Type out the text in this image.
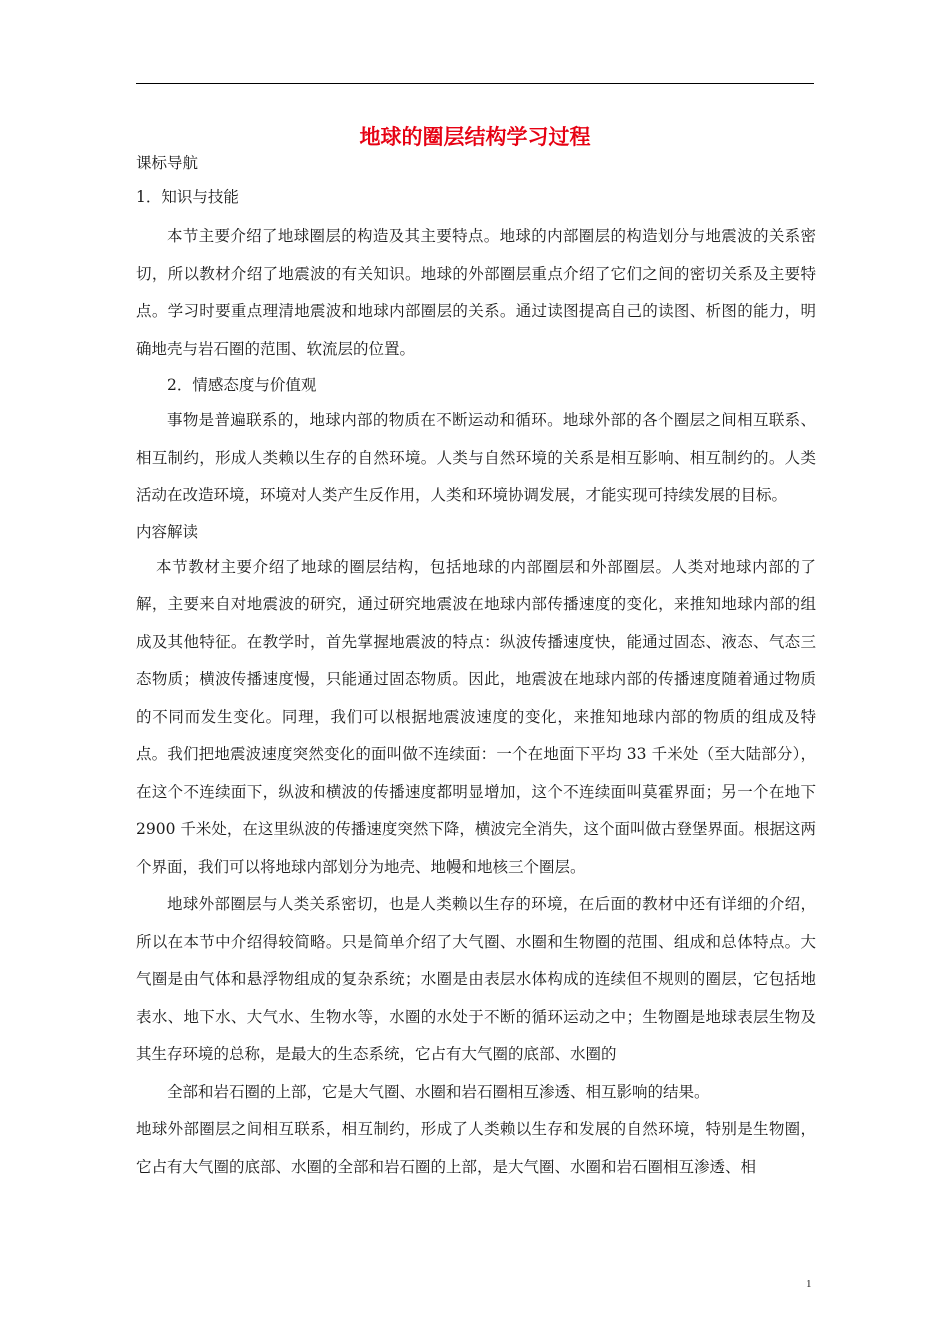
地球的圈层结构学习过程

课标导航

1．知识与技能

本节主要介绍了地球圈层的构造及其主要特点。地球的内部圈层的构造划分与地震波的关系密切，所以教材介绍了地震波的有关知识。地球的外部圈层重点介绍了它们之间的密切关系及主要特点。学习时要重点理清地震波和地球内部圈层的关系。通过读图提高自己的读图、析图的能力，明确地壳与岩石圈的范围、软流层的位置。

2．情感态度与价值观

事物是普遍联系的，地球内部的物质在不断运动和循环。地球外部的各个圈层之间相互联系、相互制约，形成人类赖以生存的自然环境。人类与自然环境的关系是相互影响、相互制约的。人类活动在改造环境，环境对人类产生反作用，人类和环境协调发展，才能实现可持续发展的目标。

内容解读

本节教材主要介绍了地球的圈层结构，包括地球的内部圈层和外部圈层。人类对地球内部的了解，主要来自对地震波的研究，通过研究地震波在地球内部传播速度的变化，来推知地球内部的组成及其他特征。在教学时，首先掌握地震波的特点：纵波传播速度快，能通过固态、液态、气态三态物质；横波传播速度慢，只能通过固态物质。因此，地震波在地球内部的传播速度随着通过物质的不同而发生变化。同理，我们可以根据地震波速度的变化，来推知地球内部的物质的组成及特点。我们把地震波速度突然变化的面叫做不连续面：一个在地面下平均 33 千米处（至大陆部分），在这个不连续面下，纵波和横波的传播速度都明显增加，这个不连续面叫莫霍界面；另一个在地下 2900 千米处，在这里纵波的传播速度突然下降，横波完全消失，这个面叫做古登堡界面。根据这两个界面，我们可以将地球内部划分为地壳、地幔和地核三个圈层。

地球外部圈层与人类关系密切，也是人类赖以生存的环境，在后面的教材中还有详细的介绍，所以在本节中介绍得较简略。只是简单介绍了大气圈、水圈和生物圈的范围、组成和总体特点。大气圈是由气体和悬浮物组成的复杂系统；水圈是由表层水体构成的连续但不规则的圈层，它包括地表水、地下水、大气水、生物水等，水圈的水处于不断的循环运动之中；生物圈是地球表层生物及其生存环境的总称，是最大的生态系统，它占有大气圈的底部、水圈的

全部和岩石圈的上部，它是大气圈、水圈和岩石圈相互渗透、相互影响的结果。

地球外部圈层之间相互联系，相互制约，形成了人类赖以生存和发展的自然环境，特别是生物圈，它占有大气圈的底部、水圈的全部和岩石圈的上部，是大气圈、水圈和岩石圈相互渗透、相

1
